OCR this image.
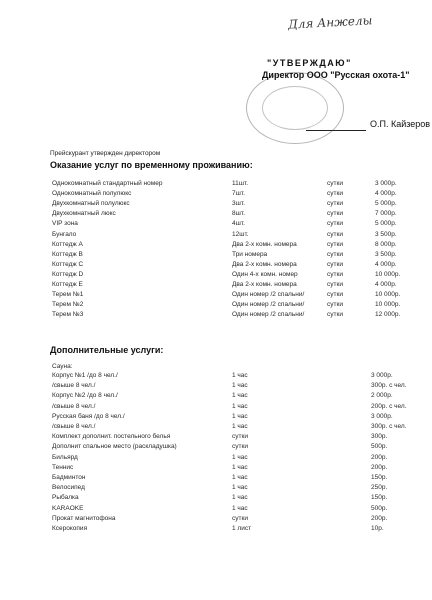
Для Анжелы
"УТВЕРЖДАЮ"
Директор ООО "Русская охота-1"
О.П. Кайзеров
Прейскурант утвержден директором
Оказание услуг по временному проживанию:
Однокомнатный стандартный номер	11шт.	сутки	3 000р.
Однокомнатный полулюкс	7шт.	сутки	4 000р.
Двухкомнатный полулюкс	3шт.	сутки	5 000р.
Двухкомнатный люкс	8шт.	сутки	7 000р.
VIP зона	4шт.	сутки	5 000р.
Бунгало	12шт.	сутки	3 500р.
Коттедж А	Два 2-х комн. номера	сутки	8 000р.
Коттедж В	Три номера	сутки	3 500р.
Коттедж С	Два 2-х комн. номера	сутки	4 000р.
Коттедж D	Один 4-х комн. номер	сутки	10 000р.
Коттедж Е	Два 2-х комн. номера	сутки	4 000р.
Терем №1	Один номер /2 спальни/	сутки	10 000р.
Терем №2	Один номер /2 спальни/	сутки	10 000р.
Терем №3	Один номер /2 спальни/	сутки	12 000р.
Дополнительные услуги:
Сауна:
Корпус №1 /до 8 чел./	1 час	3 000р.
/свыше 8 чел./	1 час	300р. с чел.
Корпус №2 /до 8 чел./	1 час	2 000р.
/свыше 8 чел./	1 час	200р. с чел.
Русская баня /до 8 чел./	1 час	3 000р.
/свыше 8 чел./	1 час	300р. с чел.
Комплект дополнит. постельного белья	сутки	300р.
Дополнит спальное место (раскладушка)	сутки	500р.
Бильярд	1 час	200р.
Теннис	1 час	200р.
Бадминтон	1 час	150р.
Велосипед	1 час	250р.
Рыбалка	1 час	150р.
KARAOKE	1 час	500р.
Прокат магнитофона	сутки	200р.
Ксерокопия	1 лист	10р.
